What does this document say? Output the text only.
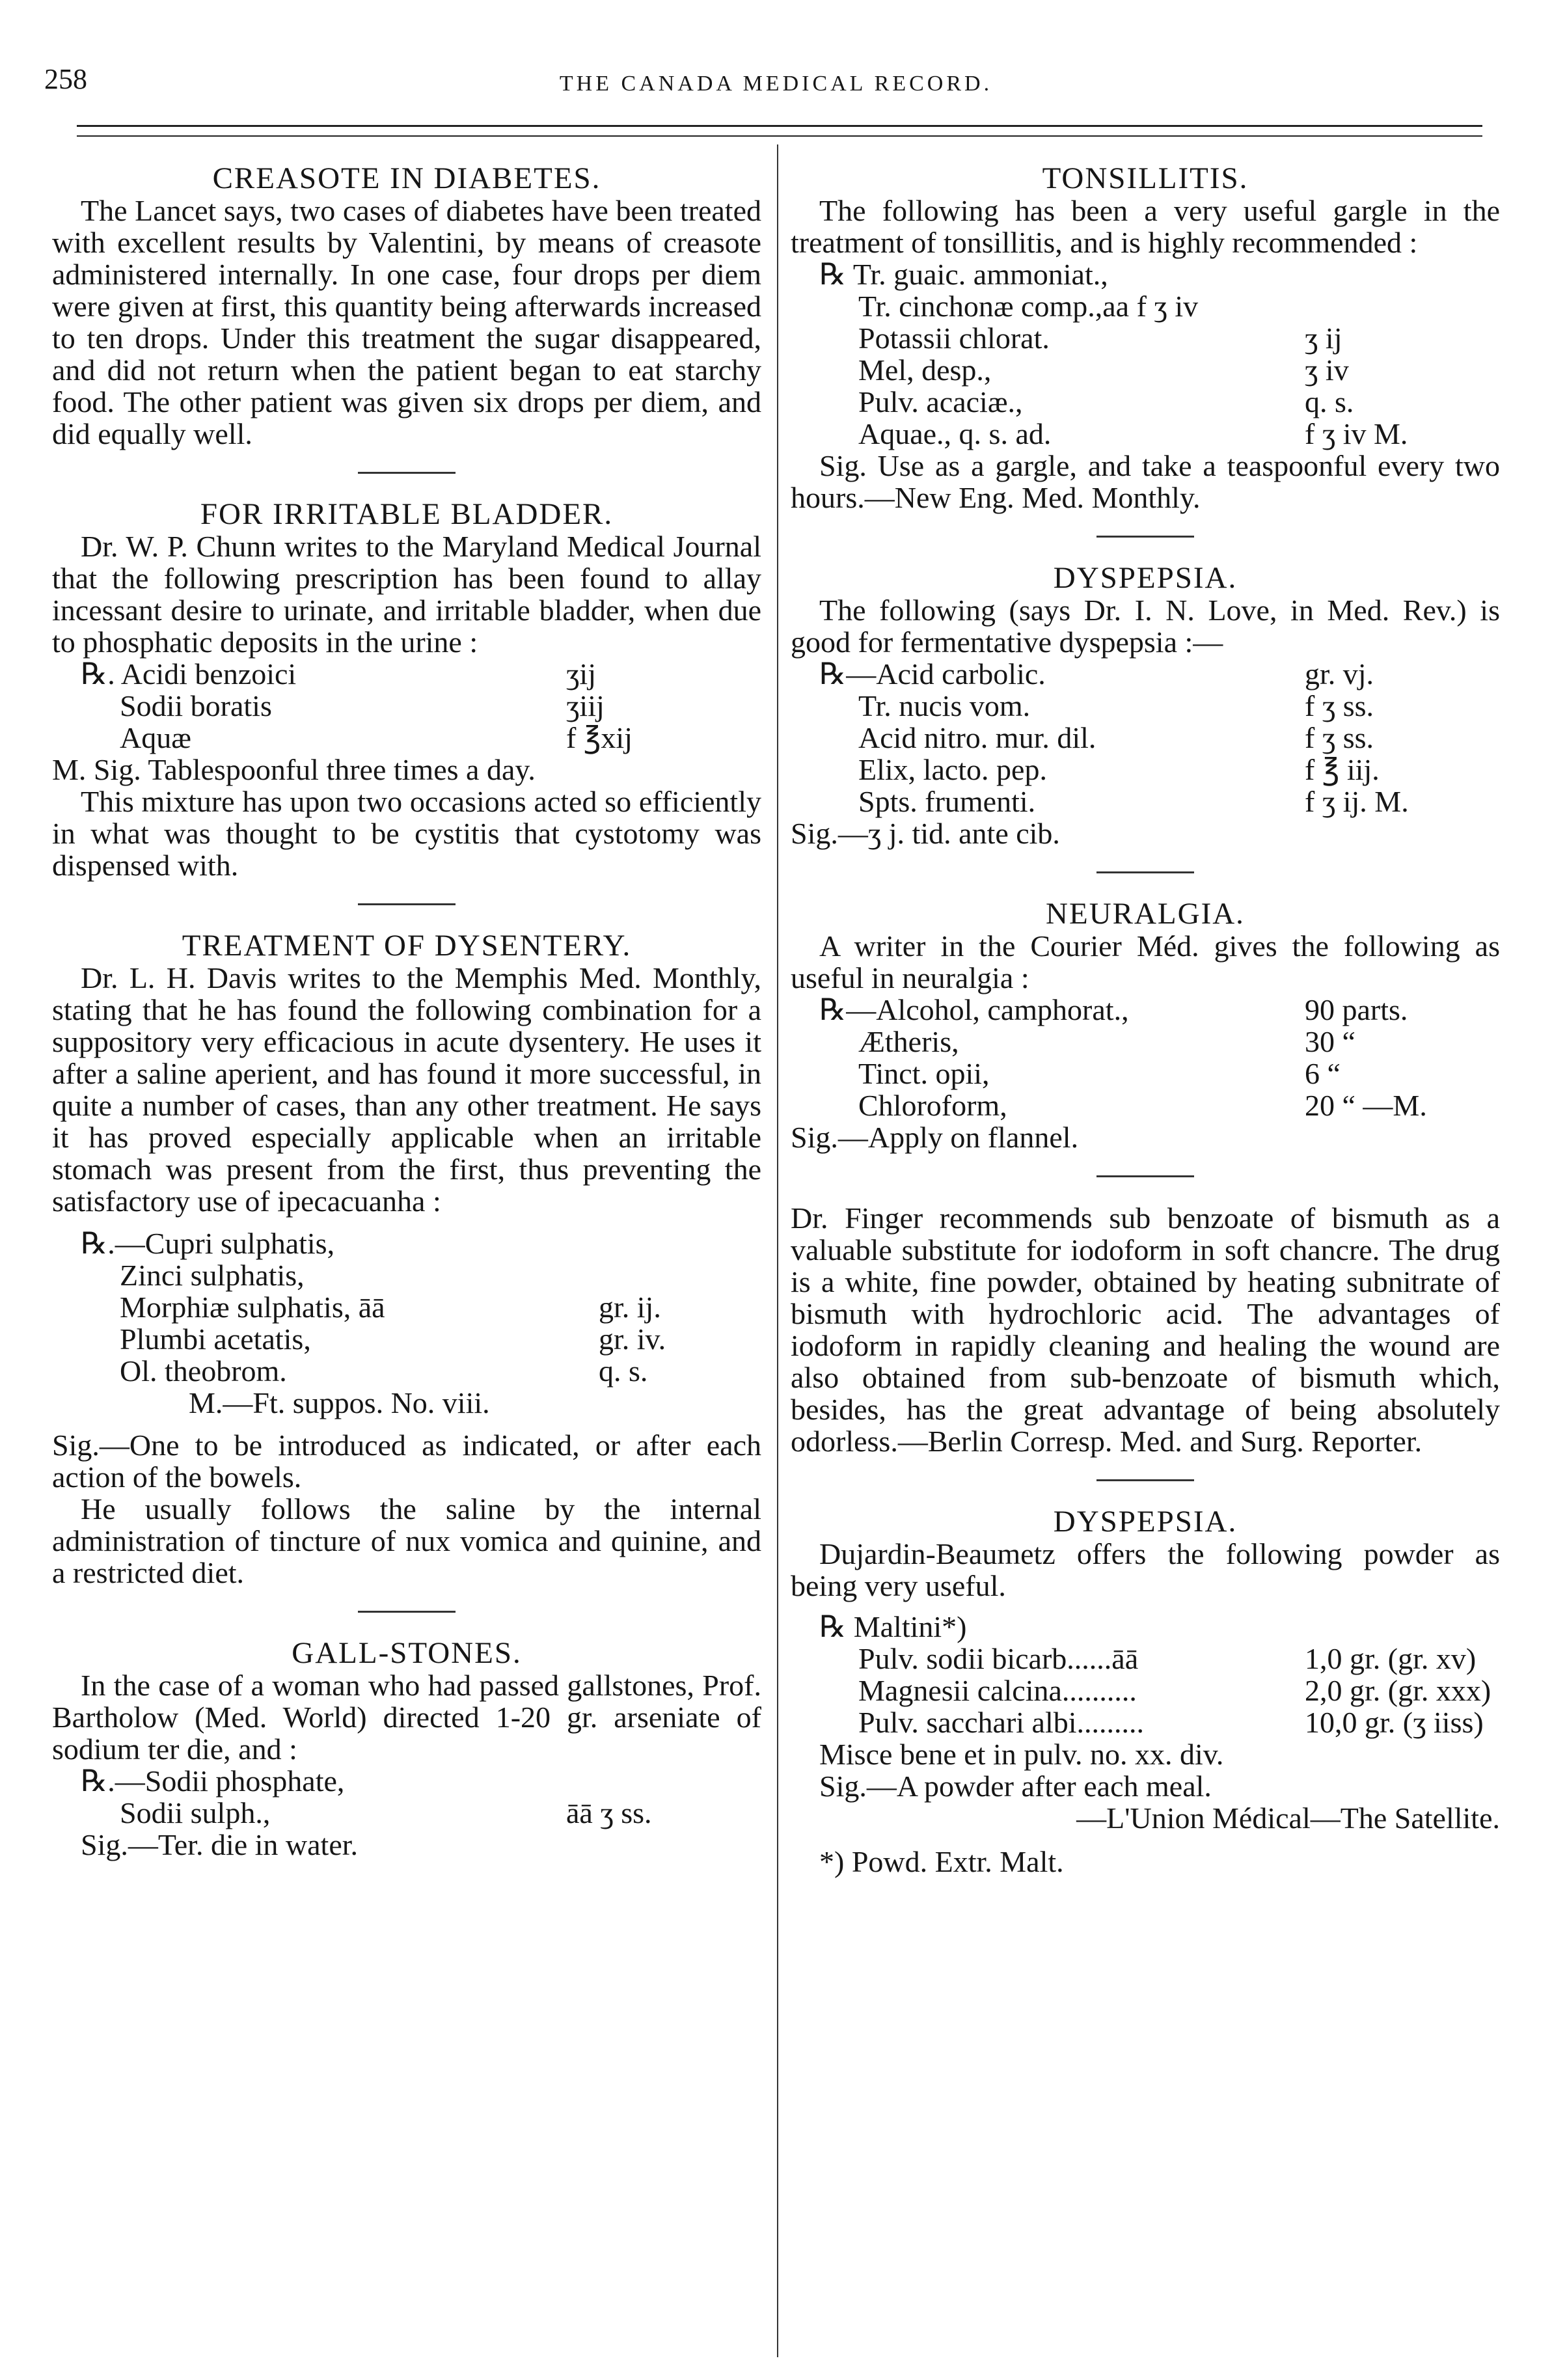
258	THE CANADA MEDICAL RECORD.
CREASOTE IN DIABETES.

The Lancet says, two cases of diabetes have been treated with excellent results by Valentini, by means of creasote administered internally. In one case, four drops per diem were given at first, this quantity being afterwards increased to ten drops. Under this treatment the sugar disappeared, and did not return when the patient began to eat starchy food. The other patient was given six drops per diem, and did equally well.

FOR IRRITABLE BLADDER.

Dr. W. P. Chunn writes to the Maryland Medical Journal that the following prescription has been found to allay incessant desire to urinate, and irritable bladder, when due to phosphatic deposits in the urine :

℞. Acidi benzoici	ʒij
Sodii boratis	ʒiij
Aquæ	f ℥xij

M. Sig. Tablespoonful three times a day.

This mixture has upon two occasions acted so efficiently in what was thought to be cystitis that cystotomy was dispensed with.

TREATMENT OF DYSENTERY.

Dr. L. H. Davis writes to the Memphis Med. Monthly, stating that he has found the following combination for a suppository very efficacious in acute dysentery. He uses it after a saline aperient, and has found it more successful, in quite a number of cases, than any other treatment. He says it has proved especially applicable when an irritable stomach was present from the first, thus preventing the satisfactory use of ipecacuanha :

℞.—Cupri sulphatis,
Zinci sulphatis,
Morphiæ sulphatis, āā	gr. ij.
Plumbi acetatis,	gr. iv.
Ol. theobrom.	q. s.
M.—Ft. suppos. No. viii.

Sig.—One to be introduced as indicated, or after each action of the bowels.

He usually follows the saline by the internal administration of tincture of nux vomica and quinine, and a restricted diet.

GALL-STONES.

In the case of a woman who had passed gallstones, Prof. Bartholow (Med. World) directed 1-20 gr. arseniate of sodium ter die, and :

℞.—Sodii phosphate,
Sodii sulph.,	āā ʒ ss.

Sig.—Ter. die in water.

TONSILLITIS.

The following has been a very useful gargle in the treatment of tonsillitis, and is highly recommended :

℞ Tr. guaic. ammoniat.,
Tr. cinchonæ comp.,aa f ʒ iv
Potassii chlorat.	ʒ ij
Mel, desp.,	ʒ iv
Pulv. acaciæ.,	q. s.
Aquae., q. s. ad.	f ʒ iv M.

Sig. Use as a gargle, and take a teaspoonful every two hours.—New Eng. Med. Monthly.

DYSPEPSIA.

The following (says Dr. I. N. Love, in Med. Rev.) is good for fermentative dyspepsia :—

℞—Acid carbolic.	gr. vj.
Tr. nucis vom.	f ʒ ss.
Acid nitro. mur. dil.	f ʒ ss.
Elix, lacto. pep.	f ℥ iij.
Spts. frumenti.	f ʒ ij. M.

Sig.—ʒ j. tid. ante cib.

NEURALGIA.

A writer in the Courier Méd. gives the following as useful in neuralgia :

℞—Alcohol, camphorat.,	90 parts.
Ætheris,	30 “
Tinct. opii,	6 “
Chloroform,	20 “ —M.

Sig.—Apply on flannel.

Dr. Finger recommends sub benzoate of bismuth as a valuable substitute for iodoform in soft chancre. The drug is a white, fine powder, obtained by heating subnitrate of bismuth with hydrochloric acid. The advantages of iodoform in rapidly cleaning and healing the wound are also obtained from sub-benzoate of bismuth which, besides, has the great advantage of being absolutely odorless.—Berlin Corresp. Med. and Surg. Reporter.

DYSPEPSIA.

Dujardin-Beaumetz offers the following powder as being very useful.

℞ Maltini*)
Pulv. sodii bicarb......āā	1,0 gr. (gr. xv)
Magnesii calcina..........	2,0 gr. (gr. xxx)
Pulv. sacchari albi.........	10,0 gr. (ʒ iiss)

Misce bene et in pulv. no. xx. div.

Sig.—A powder after each meal.

—L'Union Médical—The Satellite.

*) Powd. Extr. Malt.
